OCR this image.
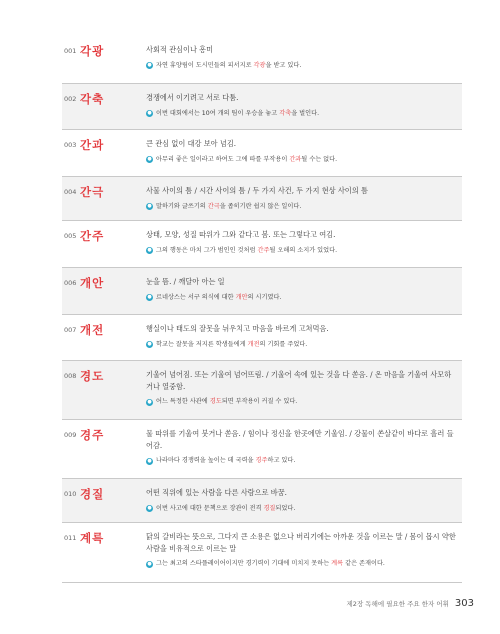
001 각광	사회적 관심이나 흥미
● 자연 휴양림이 도시민들의 피서지로 각광을 받고 있다.
002 각축	경쟁에서 이기려고 서로 다툼.
● 이번 대회에서는 10여 개의 팀이 우승을 놓고 각축을 벌인다.
003 간과	큰 관심 없이 대강 보아 넘김.
● 아무리 좋은 일이라고 하여도 그에 따를 부작용이 간과될 수는 없다.
004 간극	사물 사이의 틈 / 시간 사이의 틈 / 두 가지 사건, 두 가지 현상 사이의 틈
● 말하기와 글쓰기의 간극을 좁히기란 쉽지 않은 일이다.
005 간주	상태, 모양, 성질 따위가 그와 같다고 봄. 또는 그렇다고 여김.
● 그의 행동은 마치 그가 범인인 것처럼 간주될 오해의 소지가 있었다.
006 개안	눈을 뜸. / 깨달아 아는 일
● 르네상스는 서구 의식에 대한 개안의 시기였다.
007 개전	행실이나 태도의 잘못을 뉘우치고 마음을 바르게 고쳐먹음.
● 학교는 잘못을 저지른 학생들에게 개전의 기회를 주었다.
008 경도	기울어 넘어짐. 또는 기울여 넘어뜨림. / 기울어 속에 있는 것을 다 쏟음. / 온 마음을 기울여 사모하거나 열중함.
● 어느 특정한 사관에 경도되면 부작용이 커질 수 있다.
009 경주	물 따위를 기울여 붓거나 쏟음. / 힘이나 정신을 한곳에만 기울임. / 강물이 쏜살같이 바다로 흘러 들어감.
● 나라마다 경쟁력을 높이는 데 국력을 경주하고 있다.
010 경질	어떤 직위에 있는 사람을 다른 사람으로 바꿈.
● 이번 사고에 대한 문책으로 장관이 전격 경질되었다.
011 계륵	닭의 갈비라는 뜻으로, 그다지 큰 소용은 없으나 버리기에는 아까운 것을 이르는 말 / 몸이 몹시 약한 사람을 비유적으로 이르는 말
● 그는 최고의 스타플레이어이지만 경기력이 기대에 미치지 못하는 계륵 같은 존재이다.
제2장 독해에 필요한 주요 한자 어휘 303
